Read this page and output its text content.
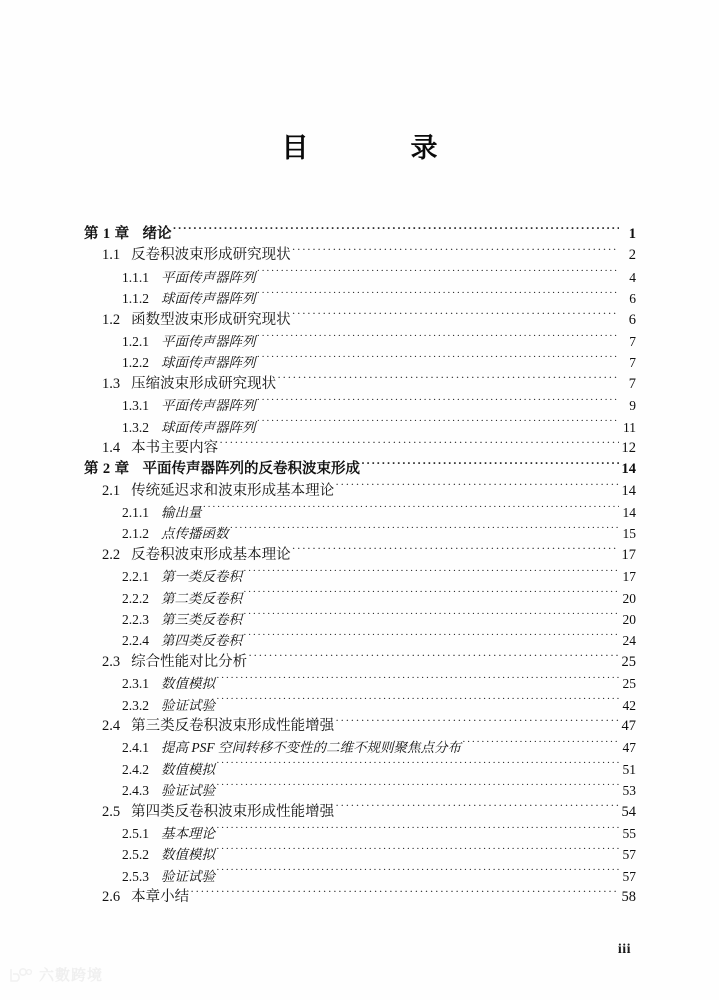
目　　录
第 1 章 绪论 ·····	1
1.1 反卷积波束形成研究现状 ·····	2
1.1.1 平面传声器阵列 ·····	4
1.1.2 球面传声器阵列 ·····	6
1.2 函数型波束形成研究现状 ·····	6
1.2.1 平面传声器阵列 ·····	7
1.2.2 球面传声器阵列 ·····	7
1.3 压缩波束形成研究现状 ·····	7
1.3.1 平面传声器阵列 ·····	9
1.3.2 球面传声器阵列 ·····	11
1.4 本书主要内容 ·····	12
第 2 章 平面传声器阵列的反卷积波束形成 ·····	14
2.1 传统延迟求和波束形成基本理论 ·····	14
2.1.1 输出量 ·····	14
2.1.2 点传播函数 ·····	15
2.2 反卷积波束形成基本理论 ·····	17
2.2.1 第一类反卷积 ·····	17
2.2.2 第二类反卷积 ·····	20
2.2.3 第三类反卷积 ·····	20
2.2.4 第四类反卷积 ·····	24
2.3 综合性能对比分析 ·····	25
2.3.1 数值模拟 ·····	25
2.3.2 验证试验 ·····	42
2.4 第三类反卷积波束形成性能增强 ·····	47
2.4.1 提高 PSF 空间转移不变性的二维不规则聚焦点分布 ·····	47
2.4.2 数值模拟 ·····	51
2.4.3 验证试验 ·····	53
2.5 第四类反卷积波束形成性能增强 ·····	54
2.5.1 基本理论 ·····	55
2.5.2 数值模拟 ·····	57
2.5.3 验证试验 ·····	57
2.6 本章小结 ·····	58
iii
六數跨境
